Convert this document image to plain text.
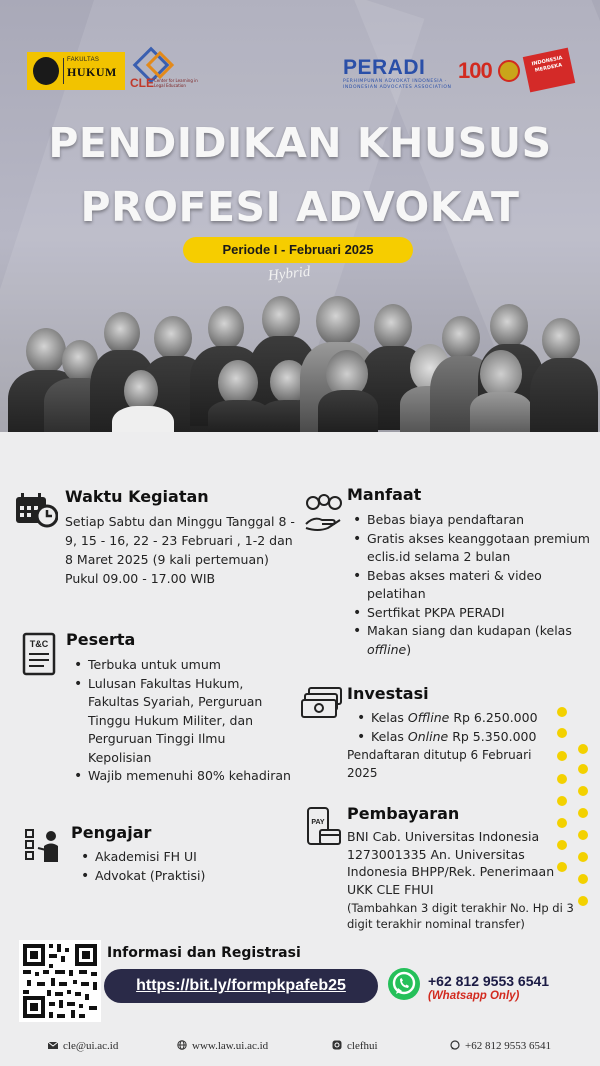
FAKULTAS
HUKUM
CLE Center for Learning in Legal Education
PERADI
PERHIMPUNAN ADVOKAT INDONESIA · INDONESIAN ADVOCATES ASSOCIATION
100	INDONESIA MERDEKA
PENDIDIKAN KHUSUS
PROFESI ADVOKAT
Periode I - Februari 2025
Hybrid
Waktu Kegiatan
Setiap Sabtu dan Minggu Tanggal 8 - 9, 15 - 16, 22 - 23 Februari , 1-2 dan 8 Maret 2025 (9 kali pertemuan)
Pukul 09.00 - 17.00 WIB
T&C Peserta
• Terbuka untuk umum
• Lulusan Fakultas Hukum, Fakultas Syariah, Perguruan Tinggu Hukum Militer, dan Perguruan Tinggi Ilmu Kepolisian
• Wajib memenuhi 80% kehadiran
Pengajar
• Akademisi FH UI
• Advokat (Praktisi)
Manfaat
• Bebas biaya pendaftaran
• Gratis akses keanggotaan premium eclis.id selama 2 bulan
• Bebas akses materi & video pelatihan
• Sertfikat PKPA PERADI
• Makan siang dan kudapan (kelas offline)
Investasi
• Kelas Offline Rp 6.250.000
• Kelas Online Rp 5.350.000
Pendaftaran ditutup 6 Februari 2025
PAY Pembayaran
BNI Cab. Universitas Indonesia 1273001335 An. Universitas Indonesia BHPP/Rek. Penerimaan UKK CLE FHUI
(Tambahkan 3 digit terakhir No. Hp di 3 digit terakhir nominal transfer)
Informasi dan Registrasi
https://bit.ly/formpkpafeb25	+62 812 9553 6541
(Whatsapp Only)
cle@ui.ac.id	www.law.ui.ac.id	clefhui	+62 812 9553 6541
